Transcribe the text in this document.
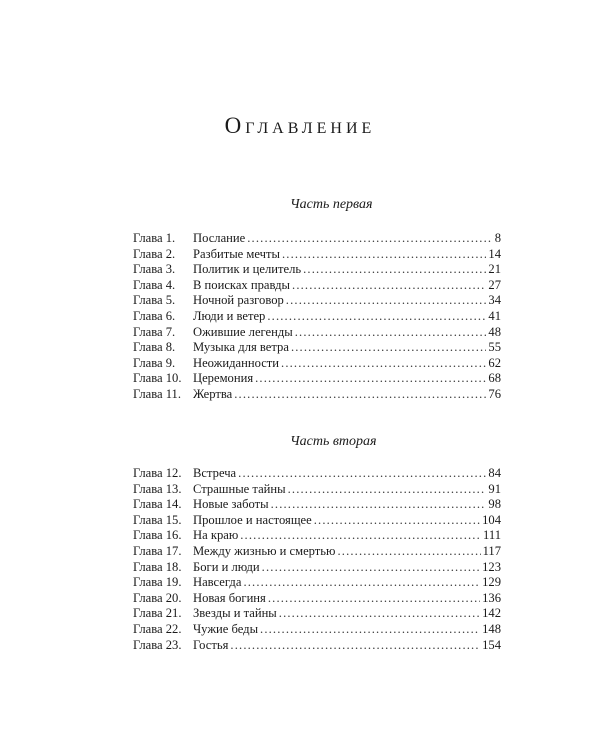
Оглавление
Часть первая
Глава 1.	Послание . . .	8
Глава 2.	Разбитые мечты . . .	14
Глава 3.	Политик и целитель . . .	21
Глава 4.	В поисках правды . . .	27
Глава 5.	Ночной разговор . . .	34
Глава 6.	Люди и ветер . . .	41
Глава 7.	Ожившие легенды . . .	48
Глава 8.	Музыка для ветра . . .	55
Глава 9.	Неожиданности . . .	62
Глава 10. Церемония . . .	68
Глава 11. Жертва . . .	76
Часть вторая
Глава 12. Встреча . . .	84
Глава 13. Страшные тайны . . .	91
Глава 14. Новые заботы . . .	98
Глава 15. Прошлое и настоящее . . .	104
Глава 16. На краю . . .	111
Глава 17. Между жизнью и смертью . . .	117
Глава 18. Боги и люди . . .	123
Глава 19. Навсегда . . .	129
Глава 20. Новая богиня . . .	136
Глава 21. Звезды и тайны . . .	142
Глава 22. Чужие беды . . .	148
Глава 23. Гостья . . .	154
